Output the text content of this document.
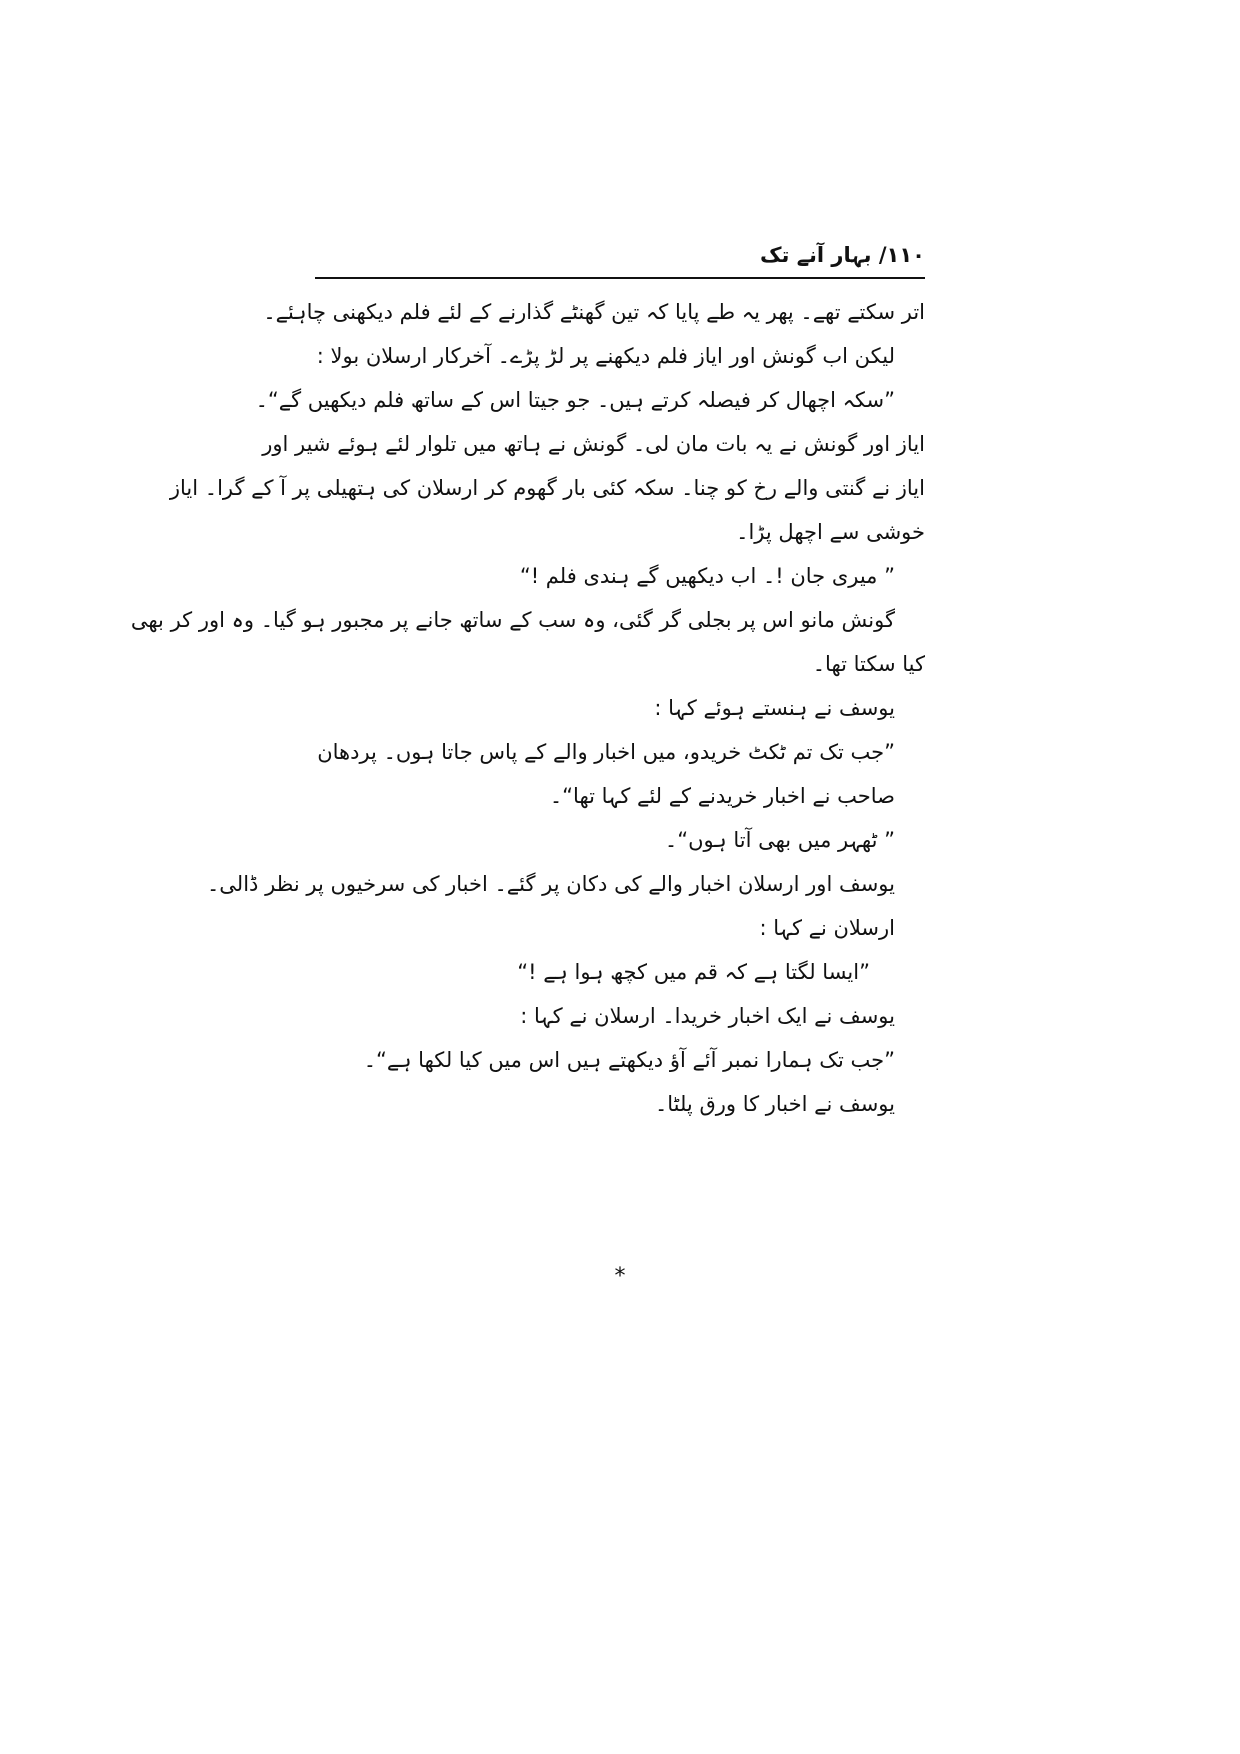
۱۱۰/ بہار آنے تک
اتر سکتے تھے۔ پھر یہ طے پایا کہ تین گھنٹے گذارنے کے لئے فلم دیکھنی چاہئے۔
لیکن اب گونش اور ایاز فلم دیکھنے پر لڑ پڑے۔ آخرکار ارسلان بولا :
”سکہ اچھال کر فیصلہ کرتے ہیں۔ جو جیتا اس کے ساتھ فلم دیکھیں گے“۔
ایاز اور گونش نے یہ بات مان لی۔ گونش نے ہاتھ میں تلوار لئے ہوئے شیر اور
ایاز نے گنتی والے رخ کو چنا۔ سکہ کئی بار گھوم کر ارسلان کی ہتھیلی پر آ کے گرا۔ ایاز
خوشی سے اچھل پڑا۔
” میری جان !۔ اب دیکھیں گے ہندی فلم !“
گونش مانو اس پر بجلی گر گئی، وہ سب کے ساتھ جانے پر مجبور ہو گیا۔ وہ اور کر بھی
کیا سکتا تھا۔
یوسف نے ہنستے ہوئے کہا :
”جب تک تم ٹکٹ خریدو، میں اخبار والے کے پاس جاتا ہوں۔ پردھان
صاحب نے اخبار خریدنے کے لئے کہا تھا“۔
” ٹھہر میں بھی آتا ہوں“۔
یوسف اور ارسلان اخبار والے کی دکان پر گئے۔ اخبار کی سرخیوں پر نظر ڈالی۔
ارسلان نے کہا :
”ایسا لگتا ہے کہ قم میں کچھ ہوا ہے !“
یوسف نے ایک اخبار خریدا۔ ارسلان نے کہا :
”جب تک ہمارا نمبر آئے آؤ دیکھتے ہیں اس میں کیا لکھا ہے“۔
یوسف نے اخبار کا ورق پلٹا۔
*
